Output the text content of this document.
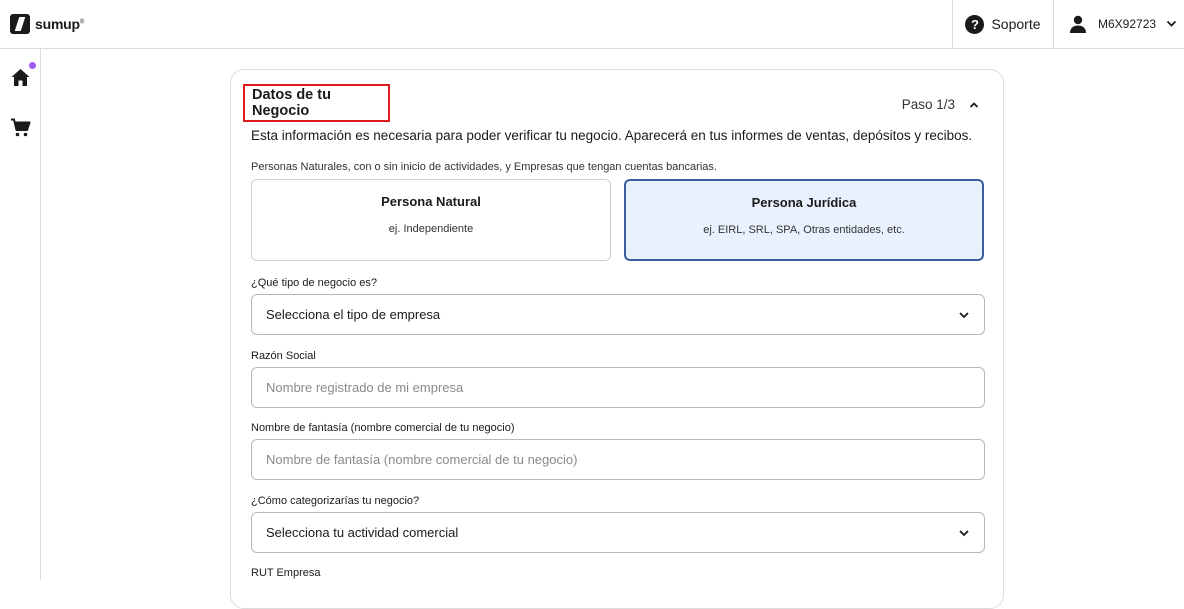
sumup®	? Soporte	M6X92723
Datos de tu Negocio	Paso 1/3
Esta información es necesaria para poder verificar tu negocio. Aparecerá en tus informes de ventas, depósitos y recibos.
Personas Naturales, con o sin inicio de actividades, y Empresas que tengan cuentas bancarias.
Persona Natural
ej. Independiente
Persona Jurídica
ej. EIRL, SRL, SPA, Otras entidades, etc.
¿Qué tipo de negocio es?
Selecciona el tipo de empresa
Razón Social
Nombre registrado de mi empresa
Nombre de fantasía (nombre comercial de tu negocio)
Nombre de fantasía (nombre comercial de tu negocio)
¿Cómo categorizarías tu negocio?
Selecciona tu actividad comercial
RUT Empresa
